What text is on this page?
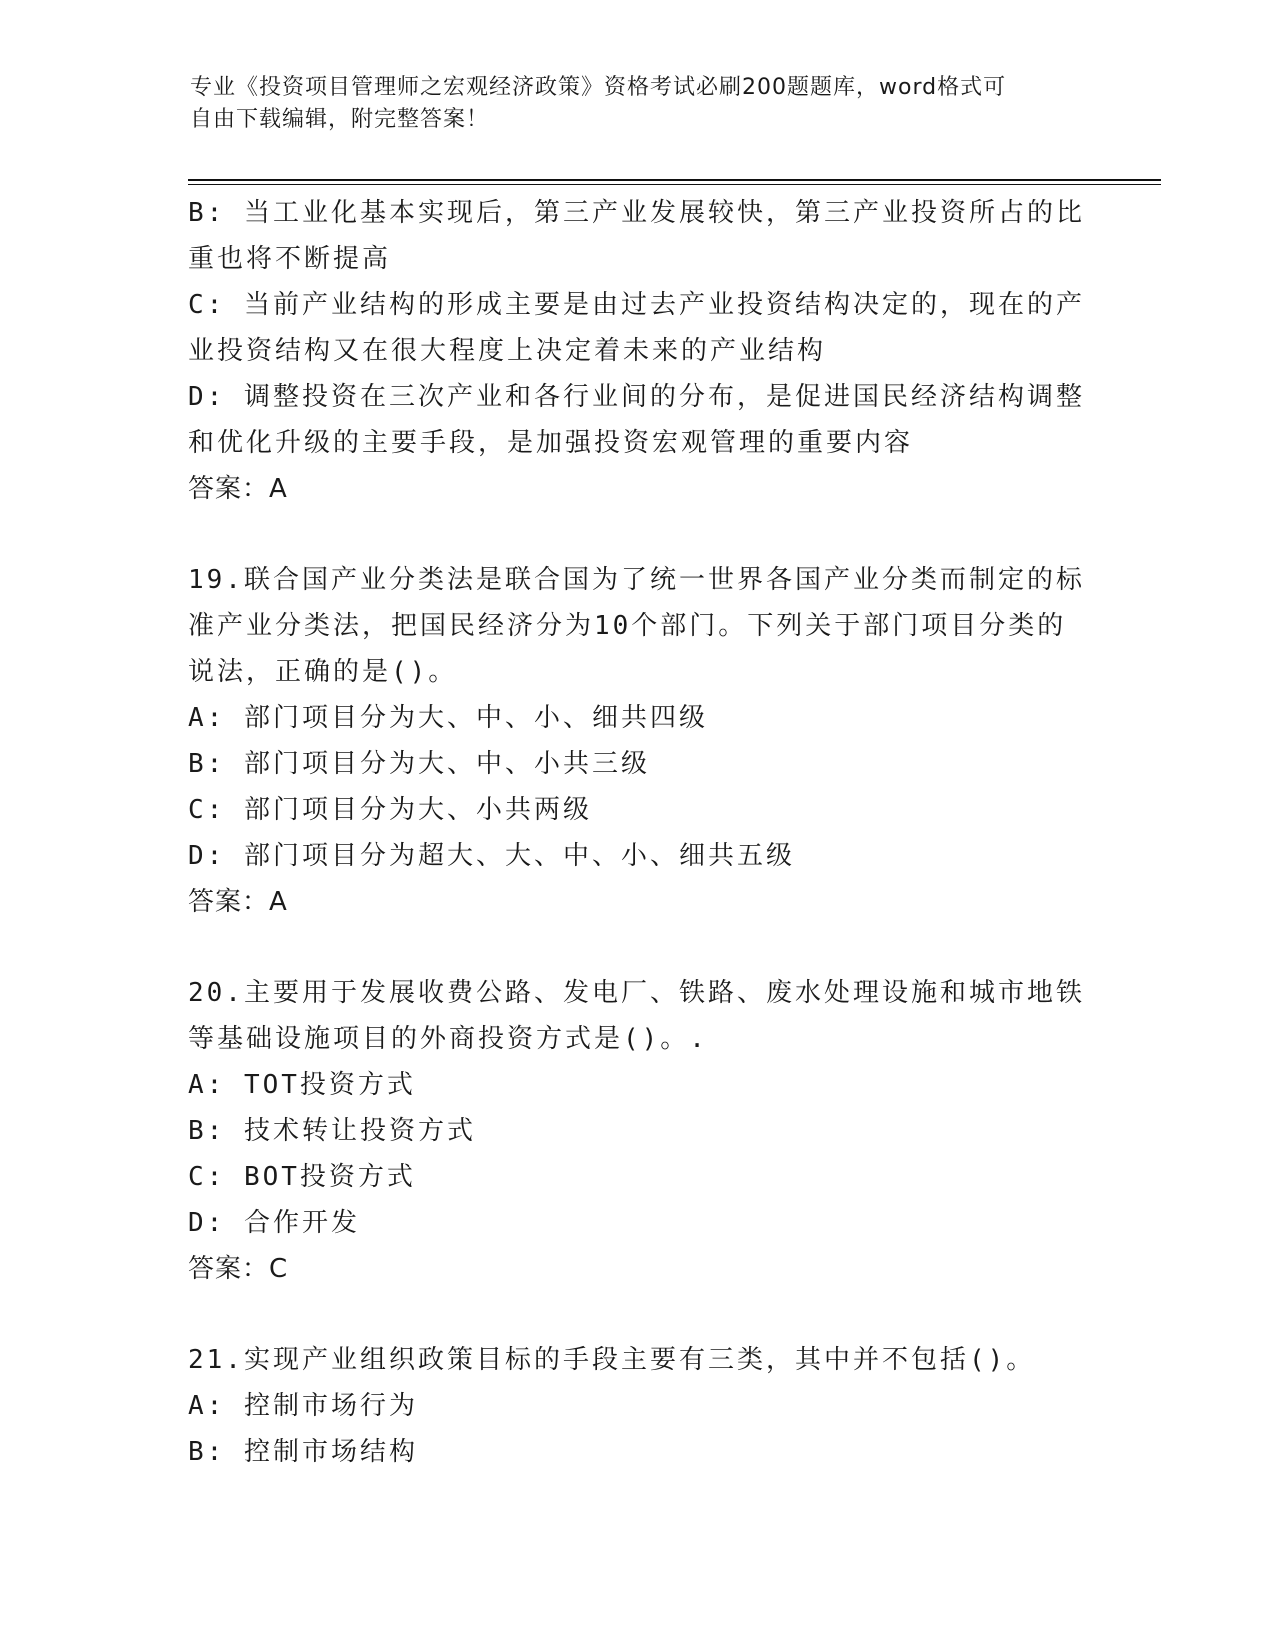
专业《投资项目管理师之宏观经济政策》资格考试必刷200题题库，word格式可
自由下载编辑，附完整答案！
B: 当工业化基本实现后，第三产业发展较快，第三产业投资所占的比
重也将不断提高
C: 当前产业结构的形成主要是由过去产业投资结构决定的，现在的产
业投资结构又在很大程度上决定着未来的产业结构
D: 调整投资在三次产业和各行业间的分布，是促进国民经济结构调整
和优化升级的主要手段，是加强投资宏观管理的重要内容
答案：A
19.联合国产业分类法是联合国为了统一世界各国产业分类而制定的标
准产业分类法，把国民经济分为10个部门。下列关于部门项目分类的
说法，正确的是()。
A: 部门项目分为大、中、小、细共四级
B: 部门项目分为大、中、小共三级
C: 部门项目分为大、小共两级
D: 部门项目分为超大、大、中、小、细共五级
答案：A
20.主要用于发展收费公路、发电厂、铁路、废水处理设施和城市地铁
等基础设施项目的外商投资方式是()。.
A: TOT投资方式
B: 技术转让投资方式
C: BOT投资方式
D: 合作开发
答案：C
21.实现产业组织政策目标的手段主要有三类，其中并不包括()。
A: 控制市场行为
B: 控制市场结构
